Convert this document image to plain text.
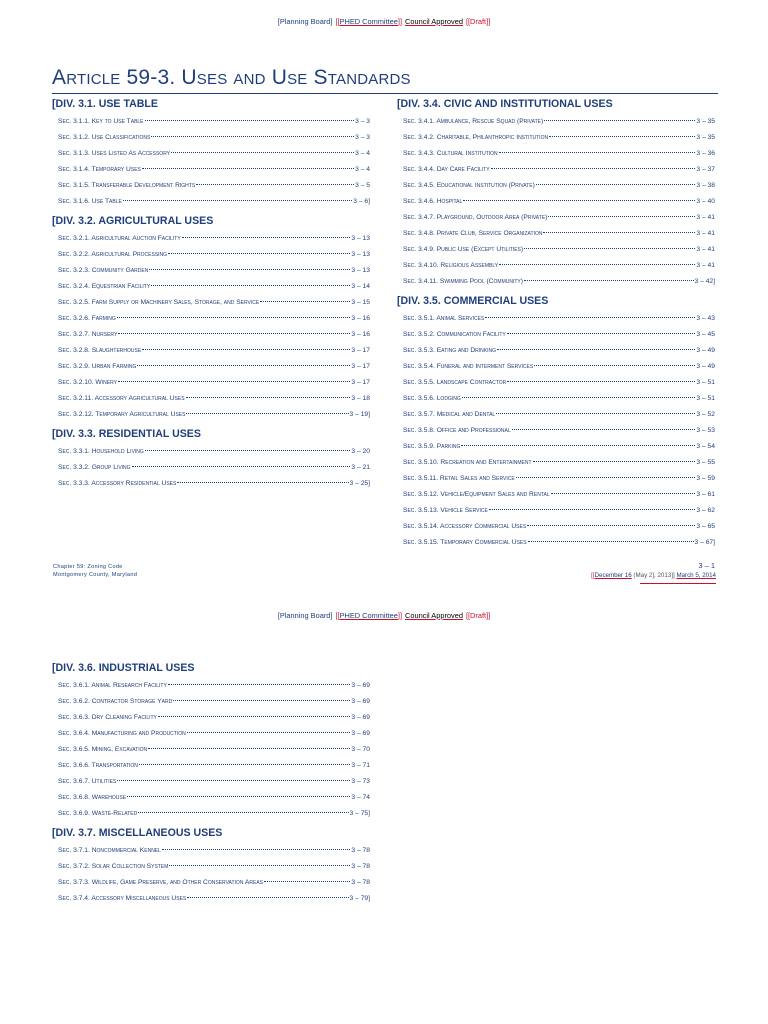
[Planning Board] [[PHED Committee]] Council Approved [[Draft]]
Article 59-3. Uses and Use Standards
[DIV. 3.1. USE TABLE
Sec. 3.1.1. Key to Use Table	3 – 3
Sec. 3.1.2. Use Classifications	3 – 3
Sec. 3.1.3. Uses Listed As Accessory	3 – 4
Sec. 3.1.4. Temporary Uses	3 – 4
Sec. 3.1.5. Transferable Development Rights	3 – 5
Sec. 3.1.6. Use Table	3 – 6]
[DIV. 3.2. AGRICULTURAL USES
Sec. 3.2.1. Agricultural Auction Facility	3 – 13
Sec. 3.2.2. Agricultural Processing	3 – 13
Sec. 3.2.3. Community Garden	3 – 13
Sec. 3.2.4. Equestrian Facility	3 – 14
Sec. 3.2.5. Farm Supply or Machinery Sales, Storage, and Service	3 – 15
Sec. 3.2.6. Farming	3 – 16
Sec. 3.2.7. Nursery	3 – 16
Sec. 3.2.8. Slaughterhouse	3 – 17
Sec. 3.2.9. Urban Farming	3 – 17
Sec. 3.2.10. Winery	3 – 17
Sec. 3.2.11. Accessory Agricultural Uses	3 – 18
Sec. 3.2.12. Temporary Agricultural Uses	3 – 19]
[DIV. 3.3. RESIDENTIAL USES
Sec. 3.3.1. Household Living	3 – 20
Sec. 3.3.2. Group Living	3 – 21
Sec. 3.3.3. Accessory Residential Uses	3 – 25]
[DIV. 3.4. CIVIC AND INSTITUTIONAL USES
Sec. 3.4.1. Ambulance, Rescue Squad (Private)	3 – 35
Sec. 3.4.2. Charitable, Philanthropic Institution	3 – 35
Sec. 3.4.3. Cultural Institution	3 – 36
Sec. 3.4.4. Day Care Facility	3 – 37
Sec. 3.4.5. Educational Institution (Private)	3 – 38
Sec. 3.4.6. Hospital	3 – 40
Sec. 3.4.7. Playground, Outdoor Area (Private)	3 – 41
Sec. 3.4.8. Private Club, Service Organization	3 – 41
Sec. 3.4.9. Public Use (Except Utilities)	3 – 41
Sec. 3.4.10. Religious Assembly	3 – 41
Sec. 3.4.11. Swimming Pool (Community)	3 – 42]
[DIV. 3.5. COMMERCIAL USES
Sec. 3.5.1. Animal Services	3 – 43
Sec. 3.5.2. Communication Facility	3 – 45
Sec. 3.5.3. Eating and Drinking	3 – 49
Sec. 3.5.4. Funeral and Interment Services	3 – 49
Sec. 3.5.5. Landscape Contractor	3 – 51
Sec. 3.5.6. Lodging	3 – 51
Sec. 3.5.7. Medical and Dental	3 – 52
Sec. 3.5.8. Office and Professional	3 – 53
Sec. 3.5.9. Parking	3 – 54
Sec. 3.5.10. Recreation and Entertainment	3 – 55
Sec. 3.5.11. Retail Sales and Service	3 – 59
Sec. 3.5.12. Vehicle/Equipment Sales and Rental	3 – 61
Sec. 3.5.13. Vehicle Service	3 – 62
Sec. 3.5.14. Accessory Commercial Uses	3 – 65
Sec. 3.5.15. Temporary Commercial Uses	3 – 67]
Chapter 59: Zoning Code
Montgomery County, Maryland
3 – 1
[[December 16 (May 2], 2013]] March 5, 2014
[Planning Board] [[PHED Committee]] Council Approved [[Draft]]
[DIV. 3.6. INDUSTRIAL USES
Sec. 3.6.1. Animal Research Facility	3 – 69
Sec. 3.6.2. Contractor Storage Yard	3 – 69
Sec. 3.6.3. Dry Cleaning Facility	3 – 69
Sec. 3.6.4. Manufacturing and Production	3 – 69
Sec. 3.6.5. Mining, Excavation	3 – 70
Sec. 3.6.6. Transportation	3 – 71
Sec. 3.6.7. Utilities	3 – 73
Sec. 3.6.8. Warehouse	3 – 74
Sec. 3.6.9. Waste-Related	3 – 75]
[DIV. 3.7. MISCELLANEOUS USES
Sec. 3.7.1. Noncommercial Kennel	3 – 78
Sec. 3.7.2. Solar Collection System	3 – 78
Sec. 3.7.3. Wildlife, Game Preserve, and Other Conservation Areas	3 – 78
Sec. 3.7.4. Accessory Miscellaneous Uses	3 – 79]
